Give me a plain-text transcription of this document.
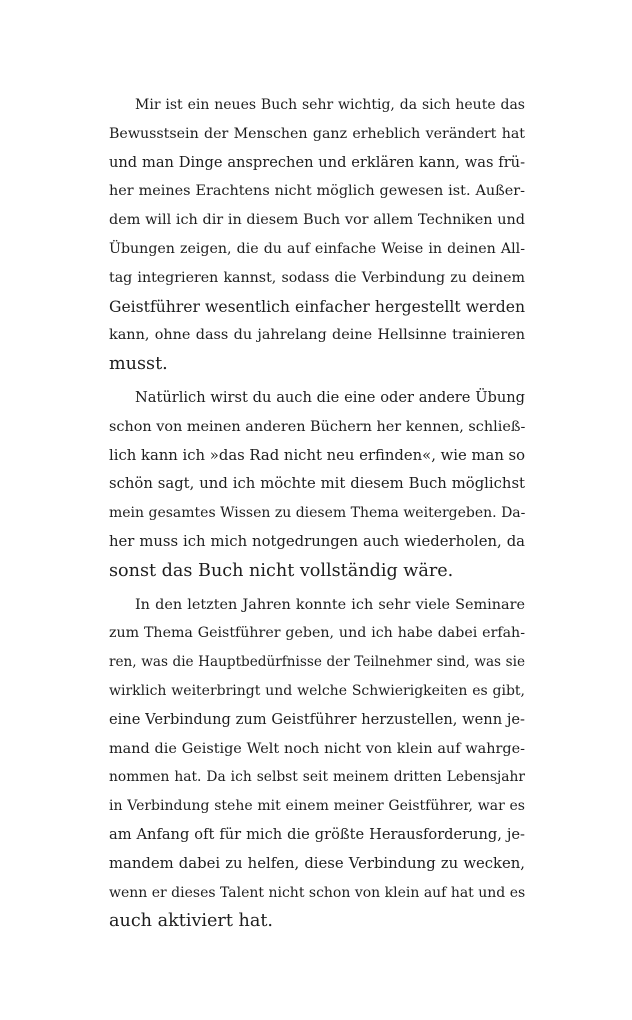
Mir ist ein neues Buch sehr wichtig, da sich heute das
Bewusstsein der Menschen ganz erheblich verändert hat
und man Dinge ansprechen und erklären kann, was frü-
her meines Erachtens nicht möglich gewesen ist. Außer-
dem will ich dir in diesem Buch vor allem Techniken und
Übungen zeigen, die du auf einfache Weise in deinen All-
tag integrieren kannst, sodass die Verbindung zu deinem
Geistführer wesentlich einfacher hergestellt werden
kann, ohne dass du jahrelang deine Hellsinne trainieren
musst.

Natürlich wirst du auch die eine oder andere Übung
schon von meinen anderen Büchern her kennen, schließ-
lich kann ich »das Rad nicht neu erfinden«, wie man so
schön sagt, und ich möchte mit diesem Buch möglichst
mein gesamtes Wissen zu diesem Thema weitergeben. Da-
her muss ich mich notgedrungen auch wiederholen, da
sonst das Buch nicht vollständig wäre.

In den letzten Jahren konnte ich sehr viele Seminare
zum Thema Geistführer geben, und ich habe dabei erfah-
ren, was die Hauptbedürfnisse der Teilnehmer sind, was sie
wirklich weiterbringt und welche Schwierigkeiten es gibt,
eine Verbindung zum Geistführer herzustellen, wenn je-
mand die Geistige Welt noch nicht von klein auf wahrge-
nommen hat. Da ich selbst seit meinem dritten Lebensjahr
in Verbindung stehe mit einem meiner Geistführer, war es
am Anfang oft für mich die größte Herausforderung, je-
mandem dabei zu helfen, diese Verbindung zu wecken,
wenn er dieses Talent nicht schon von klein auf hat und es
auch aktiviert hat.
